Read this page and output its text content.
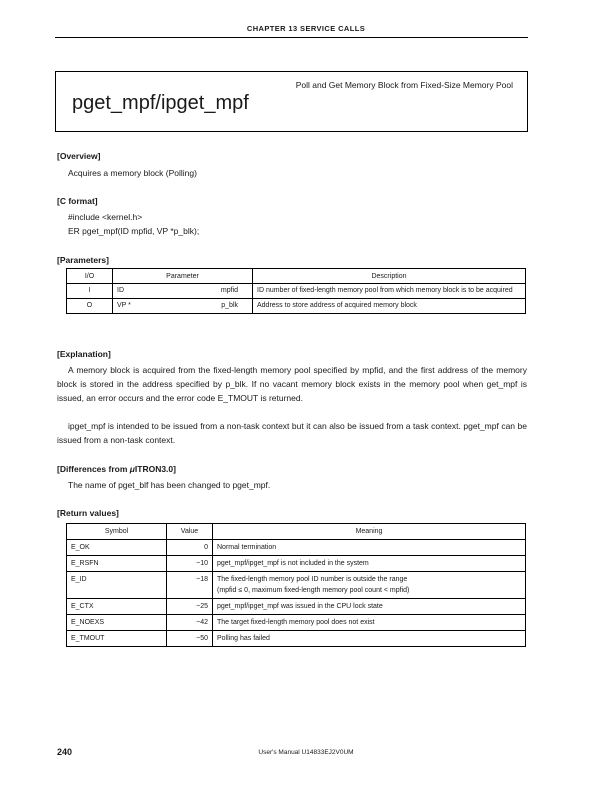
CHAPTER 13 SERVICE CALLS
pget_mpf/ipget_mpf
Poll and Get Memory Block from Fixed-Size Memory Pool
[Overview]
Acquires a memory block (Polling)
[C format]
#include <kernel.h>
ER pget_mpf(ID mpfid, VP *p_blk);
[Parameters]
I/O	Parameter	Description
I	ID mpfid	ID number of fixed-length memory pool from which memory block is to be acquired
O	VP * p_blk	Address to store address of acquired memory block
[Explanation]

A memory block is acquired from the fixed-length memory pool specified by mpfid, and the first address of the memory block is stored in the address specified by p_blk. If no vacant memory block exists in the memory pool when get_mpf is issued, an error occurs and the error code E_TMOUT is returned.

ipget_mpf is intended to be issued from a non-task context but it can also be issued from a task context. pget_mpf can be issued from a non-task context.

[Differences from μITRON3.0]
The name of pget_blf has been changed to pget_mpf.
[Return values]
Symbol	Value	Meaning
E_OK	0	Normal termination
E_RSFN	−10	pget_mpf/ipget_mpf is not included in the system
E_ID	−18	The fixed-length memory pool ID number is outside the range
(mpfid ≤ 0, maximum fixed-length memory pool count < mpfid)

E_CTX	−25	pget_mpf/ipget_mpf was issued in the CPU lock state
E_NOEXS	−42	The target fixed-length memory pool does not exist
E_TMOUT	−50	Polling has failed
240	User's Manual U14833EJ2V0UM
